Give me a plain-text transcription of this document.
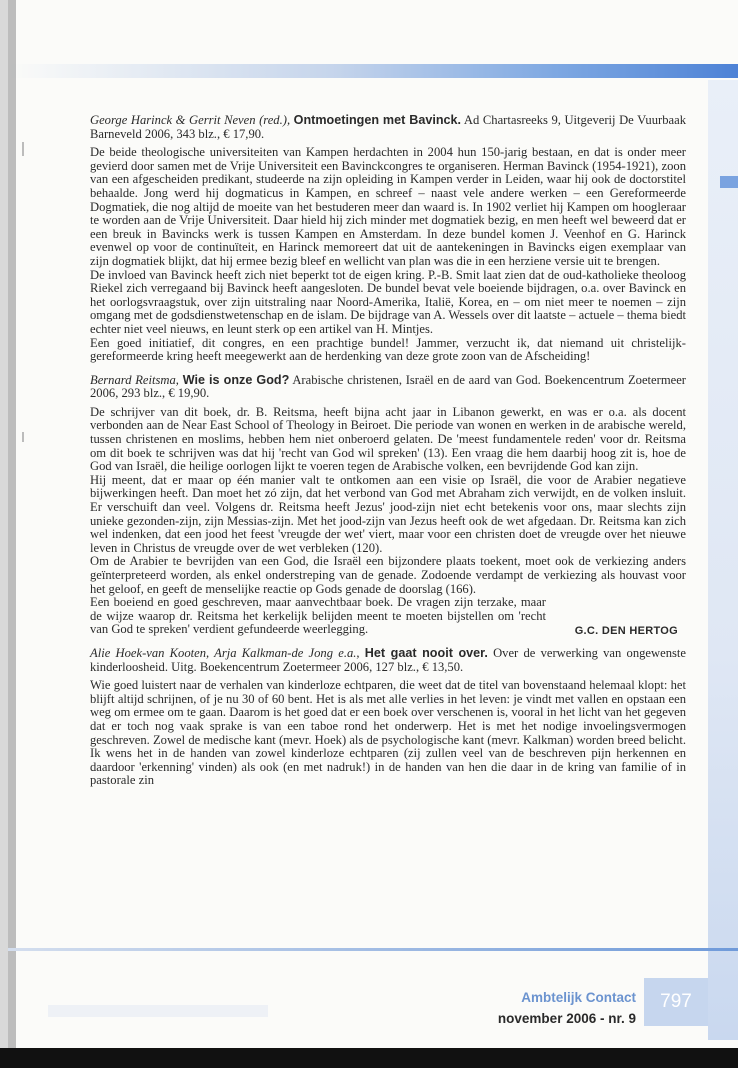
George Harinck & Gerrit Neven (red.), Ontmoetingen met Bavinck. Ad Chartasreeks 9, Uitgeverij De Vuurbaak Barneveld 2006, 343 blz., € 17,90.

De beide theologische universiteiten van Kampen herdachten in 2004 hun 150-jarig bestaan, en dat is onder meer gevierd door samen met de Vrije Universiteit een Bavinckcongres te organiseren. Herman Bavinck (1954-1921), zoon van een afgescheiden predikant, studeerde na zijn opleiding in Kampen verder in Leiden, waar hij ook de doctorstitel behaalde. Jong werd hij dogmaticus in Kampen, en schreef – naast vele andere werken – een Gereformeerde Dogmatiek, die nog altijd de moeite van het bestuderen meer dan waard is. In 1902 verliet hij Kampen om hoogleraar te worden aan de Vrije Universiteit. Daar hield hij zich minder met dogmatiek bezig, en men heeft wel beweerd dat er een breuk in Bavincks werk is tussen Kampen en Amsterdam. In deze bundel komen J. Veenhof en G. Harinck evenwel op voor de continuïteit, en Harinck memoreert dat uit de aantekeningen in Bavincks eigen exemplaar van zijn dogmatiek blijkt, dat hij ermee bezig bleef en wellicht van plan was die in een herziene versie uit te brengen.

De invloed van Bavinck heeft zich niet beperkt tot de eigen kring. P.-B. Smit laat zien dat de oud-katholieke theoloog Riekel zich verregaand bij Bavinck heeft aangesloten. De bundel bevat vele boeiende bijdragen, o.a. over Bavinck en het oorlogsvraagstuk, over zijn uitstraling naar Noord-Amerika, Italië, Korea, en – om niet meer te noemen – zijn omgang met de godsdienstwetenschap en de islam. De bijdrage van A. Wessels over dit laatste – actuele – thema biedt echter niet veel nieuws, en leunt sterk op een artikel van H. Mintjes.

Een goed initiatief, dit congres, en een prachtige bundel! Jammer, verzucht ik, dat niemand uit christelijk-gereformeerde kring heeft meegewerkt aan de herdenking van deze grote zoon van de Afscheiding!

Bernard Reitsma, Wie is onze God? Arabische christenen, Israël en de aard van God. Boekencentrum Zoetermeer 2006, 293 blz., € 19,90.

De schrijver van dit boek, dr. B. Reitsma, heeft bijna acht jaar in Libanon gewerkt, en was er o.a. als docent verbonden aan de Near East School of Theology in Beiroet. Die periode van wonen en werken in de arabische wereld, tussen christenen en moslims, hebben hem niet onberoerd gelaten. De 'meest fundamentele reden' voor dr. Reitsma om dit boek te schrijven was dat hij 'recht van God wil spreken' (13). Een vraag die hem daarbij hoog zit is, hoe de God van Israël, die heilige oorlogen lijkt te voeren tegen de Arabische volken, een bevrijdende God kan zijn.

Hij meent, dat er maar op één manier valt te ontkomen aan een visie op Israël, die voor de Arabier negatieve bijwerkingen heeft. Dan moet het zó zijn, dat het verbond van God met Abraham zich verwijdt, en de volken insluit. Er verschuift dan veel. Volgens dr. Reitsma heeft Jezus' jood-zijn niet echt betekenis voor ons, maar slechts zijn unieke gezonden-zijn, zijn Messias-zijn. Met het jood-zijn van Jezus heeft ook de wet afgedaan. Dr. Reitsma kan zich wel indenken, dat een jood het feest 'vreugde der wet' viert, maar voor een christen doet de vreugde over het nieuwe leven in Christus de vreugde over de wet verbleken (120).

Om de Arabier te bevrijden van een God, die Israël een bijzondere plaats toekent, moet ook de verkiezing anders geïnterpreteerd worden, als enkel onderstreping van de genade. Zodoende verdampt de verkiezing als houvast voor het geloof, en geeft de menselijke reactie op Gods genade de doorslag (166).

Een boeiend en goed geschreven, maar aanvechtbaar boek. De vragen zijn terzake, maar de wijze waarop dr. Reitsma het kerkelijk belijden meent te moeten bijstellen om 'recht van God te spreken' verdient gefundeerde weerlegging.	G.C. DEN HERTOG

Alie Hoek-van Kooten, Arja Kalkman-de Jong e.a., Het gaat nooit over. Over de verwerking van ongewenste kinderloosheid. Uitg. Boekencentrum Zoetermeer 2006, 127 blz., € 13,50.

Wie goed luistert naar de verhalen van kinderloze echtparen, die weet dat de titel van bovenstaand helemaal klopt: het blijft altijd schrijnen, of je nu 30 of 60 bent. Het is als met alle verlies in het leven: je vindt met vallen en opstaan een weg om ermee om te gaan. Daarom is het goed dat er een boek over verschenen is, vooral in het licht van het gegeven dat er toch nog vaak sprake is van een taboe rond het onderwerp. Het is met het nodige invoelingsvermogen geschreven. Zowel de medische kant (mevr. Hoek) als de psychologische kant (mevr. Kalkman) worden breed belicht. Ik wens het in de handen van zowel kinderloze echtparen (zij zullen veel van de beschreven pijn herkennen en daardoor 'erkenning' vinden) als ook (en met nadruk!) in de handen van hen die daar in de kring van familie of in pastorale zin

Ambtelijk Contact
november 2006 - nr. 9
797
